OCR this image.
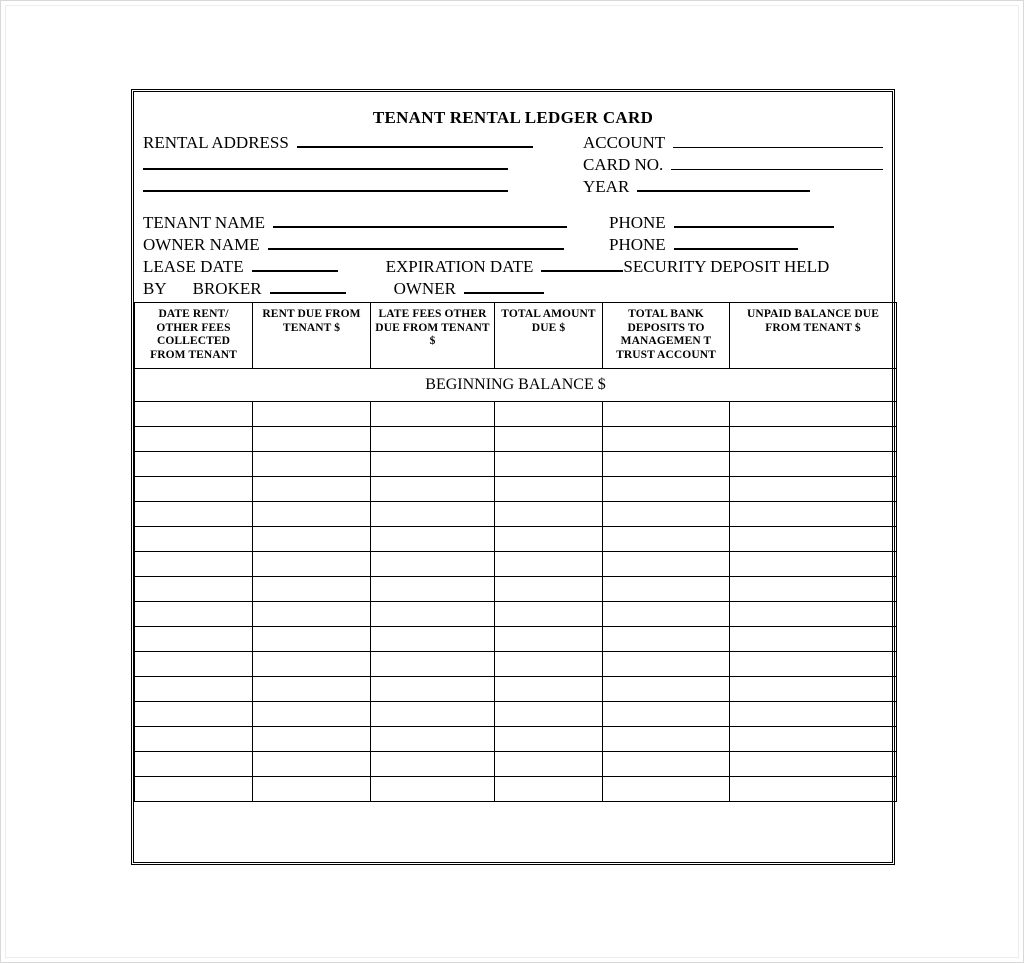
TENANT RENTAL LEDGER CARD
RENTAL ADDRESS	ACCOUNT
CARD NO.
YEAR
TENANT NAME
OWNER NAME
PHONE
PHONE
LEASE DATE	EXPIRATION DATE	SECURITY DEPOSIT HELD
BY BROKER	OWNER
DATE RENT/ OTHER FEES COLLECTED FROM TENANT	RENT DUE FROM TENANT $	LATE FEES OTHER DUE FROM TENANT $	TOTAL AMOUNT DUE $	TOTAL BANK DEPOSITS TO MANAGEMEN T TRUST ACCOUNT	UNPAID BALANCE DUE FROM TENANT $
BEGINNING BALANCE $					
